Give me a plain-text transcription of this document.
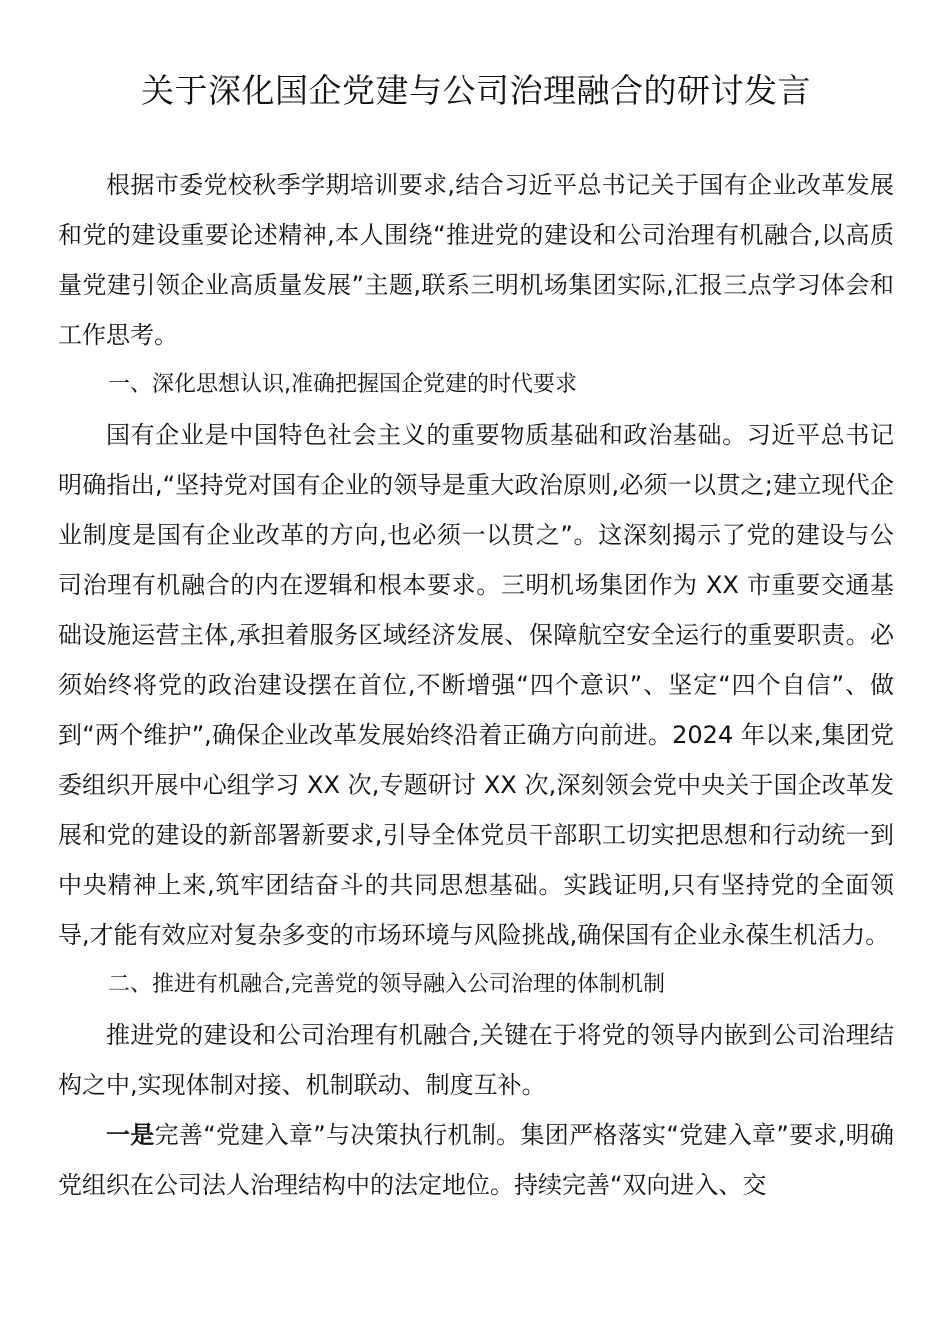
关于深化国企党建与公司治理融合的研讨发言

根据市委党校秋季学期培训要求,结合习近平总书记关于国有企业改革发展和党的建设重要论述精神,本人围绕“推进党的建设和公司治理有机融合,以高质量党建引领企业高质量发展”主题,联系三明机场集团实际,汇报三点学习体会和工作思考。

一、深化思想认识,准确把握国企党建的时代要求

国有企业是中国特色社会主义的重要物质基础和政治基础。习近平总书记明确指出,“坚持党对国有企业的领导是重大政治原则,必须一以贯之;建立现代企业制度是国有企业改革的方向,也必须一以贯之”。这深刻揭示了党的建设与公司治理有机融合的内在逻辑和根本要求。三明机场集团作为 XX 市重要交通基础设施运营主体,承担着服务区域经济发展、保障航空安全运行的重要职责。必须始终将党的政治建设摆在首位,不断增强“四个意识”、坚定“四个自信”、做到“两个维护”,确保企业改革发展始终沿着正确方向前进。2024 年以来,集团党委组织开展中心组学习 XX 次,专题研讨 XX 次,深刻领会党中央关于国企改革发展和党的建设的新部署新要求,引导全体党员干部职工切实把思想和行动统一到中央精神上来,筑牢团结奋斗的共同思想基础。实践证明,只有坚持党的全面领导,才能有效应对复杂多变的市场环境与风险挑战,确保国有企业永葆生机活力。

二、推进有机融合,完善党的领导融入公司治理的体制机制

推进党的建设和公司治理有机融合,关键在于将党的领导内嵌到公司治理结构之中,实现体制对接、机制联动、制度互补。

一是完善“党建入章”与决策执行机制。集团严格落实“党建入章”要求,明确党组织在公司法人治理结构中的法定地位。持续完善“双向进入、交
